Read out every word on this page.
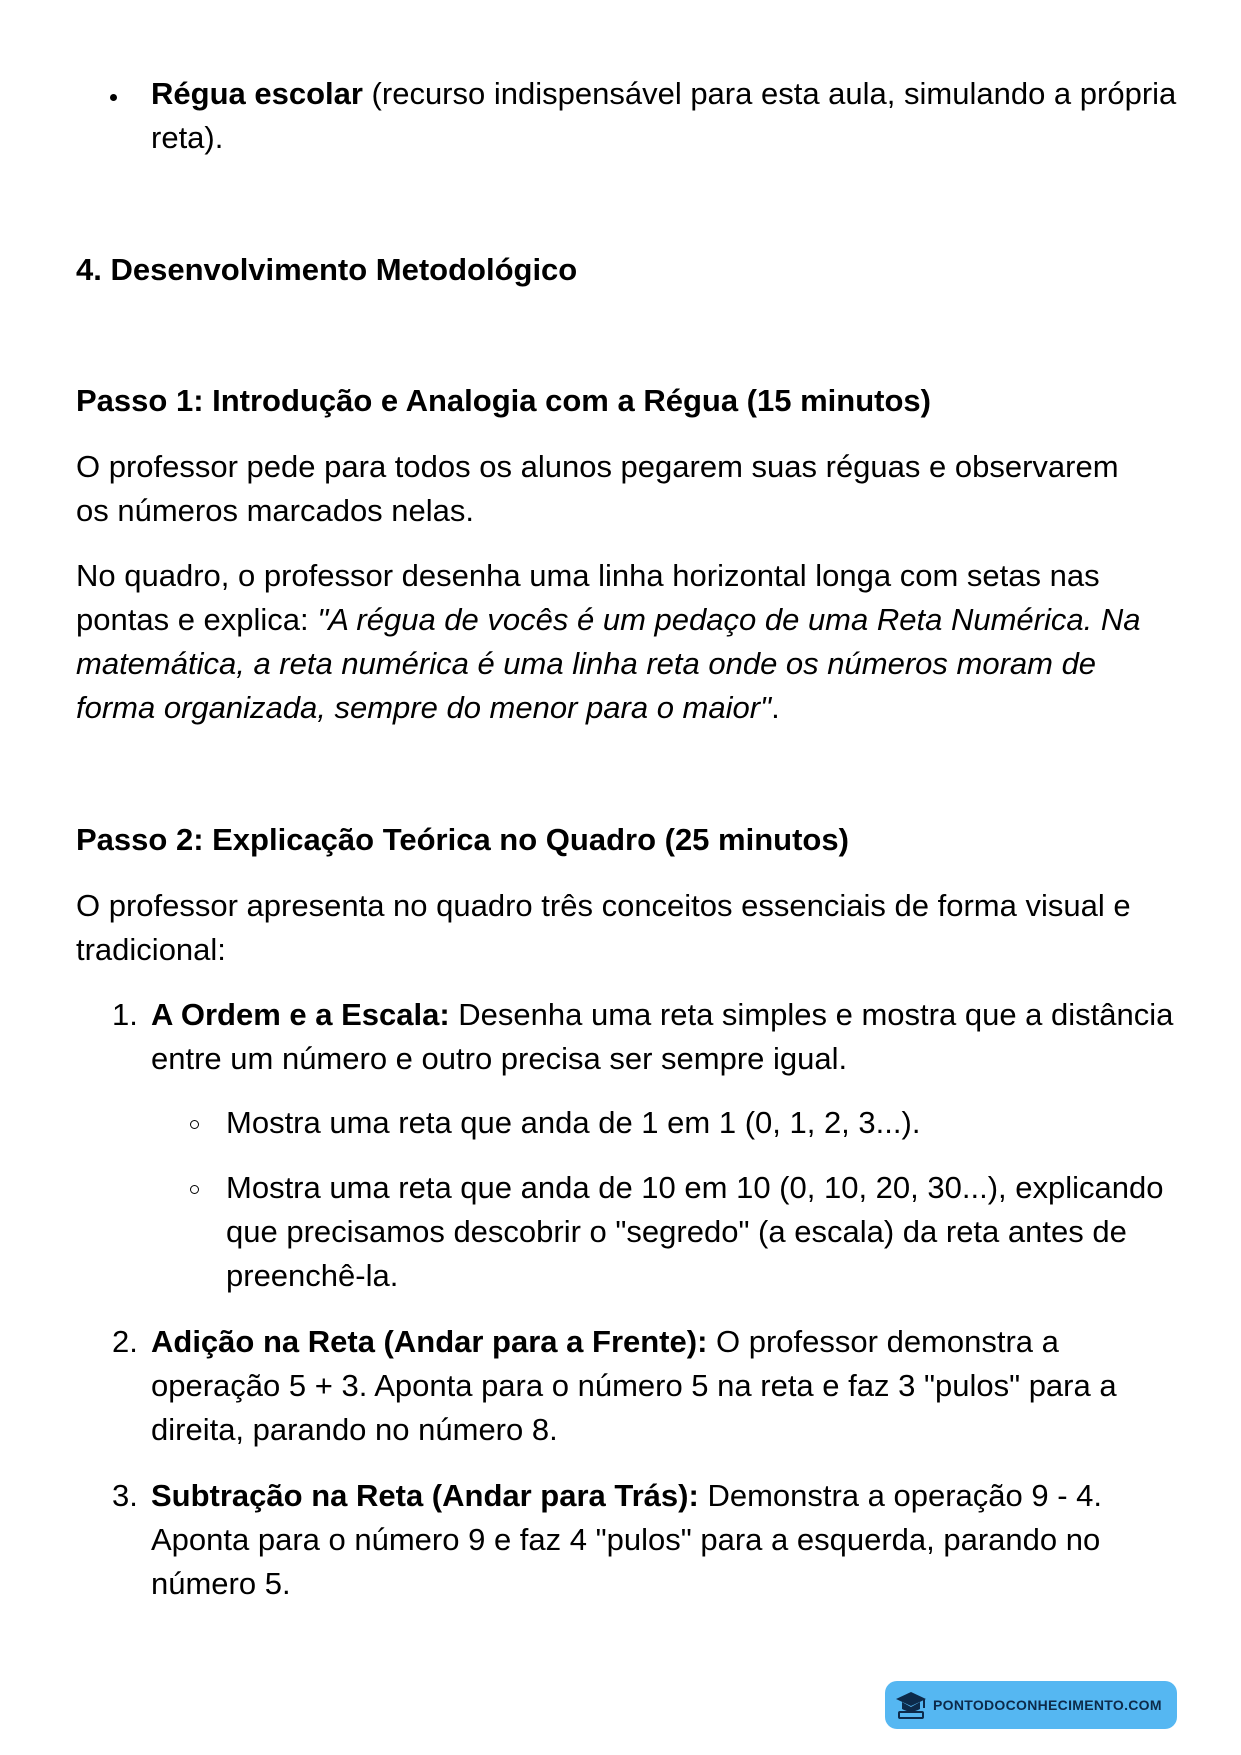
Régua escolar (recurso indispensável para esta aula, simulando a própria reta).

4. Desenvolvimento Metodológico
Passo 1: Introdução e Analogia com a Régua (15 minutos)

O professor pede para todos os alunos pegarem suas réguas e observarem os números marcados nelas.

No quadro, o professor desenha uma linha horizontal longa com setas nas pontas e explica: "A régua de vocês é um pedaço de uma Reta Numérica. Na matemática, a reta numérica é uma linha reta onde os números moram de forma organizada, sempre do menor para o maior".

Passo 2: Explicação Teórica no Quadro (25 minutos)

O professor apresenta no quadro três conceitos essenciais de forma visual e tradicional:

1. A Ordem e a Escala: Desenha uma reta simples e mostra que a distância entre um número e outro precisa ser sempre igual.

Mostra uma reta que anda de 1 em 1 (0, 1, 2, 3...).

Mostra uma reta que anda de 10 em 10 (0, 10, 20, 30...), explicando que precisamos descobrir o "segredo" (a escala) da reta antes de preenchê-la.

2. Adição na Reta (Andar para a Frente): O professor demonstra a operação 5 + 3. Aponta para o número 5 na reta e faz 3 "pulos" para a direita, parando no número 8.

3. Subtração na Reta (Andar para Trás): Demonstra a operação 9 - 4. Aponta para o número 9 e faz 4 "pulos" para a esquerda, parando no número 5.

PONTODOCONHECIMENTO.COM
